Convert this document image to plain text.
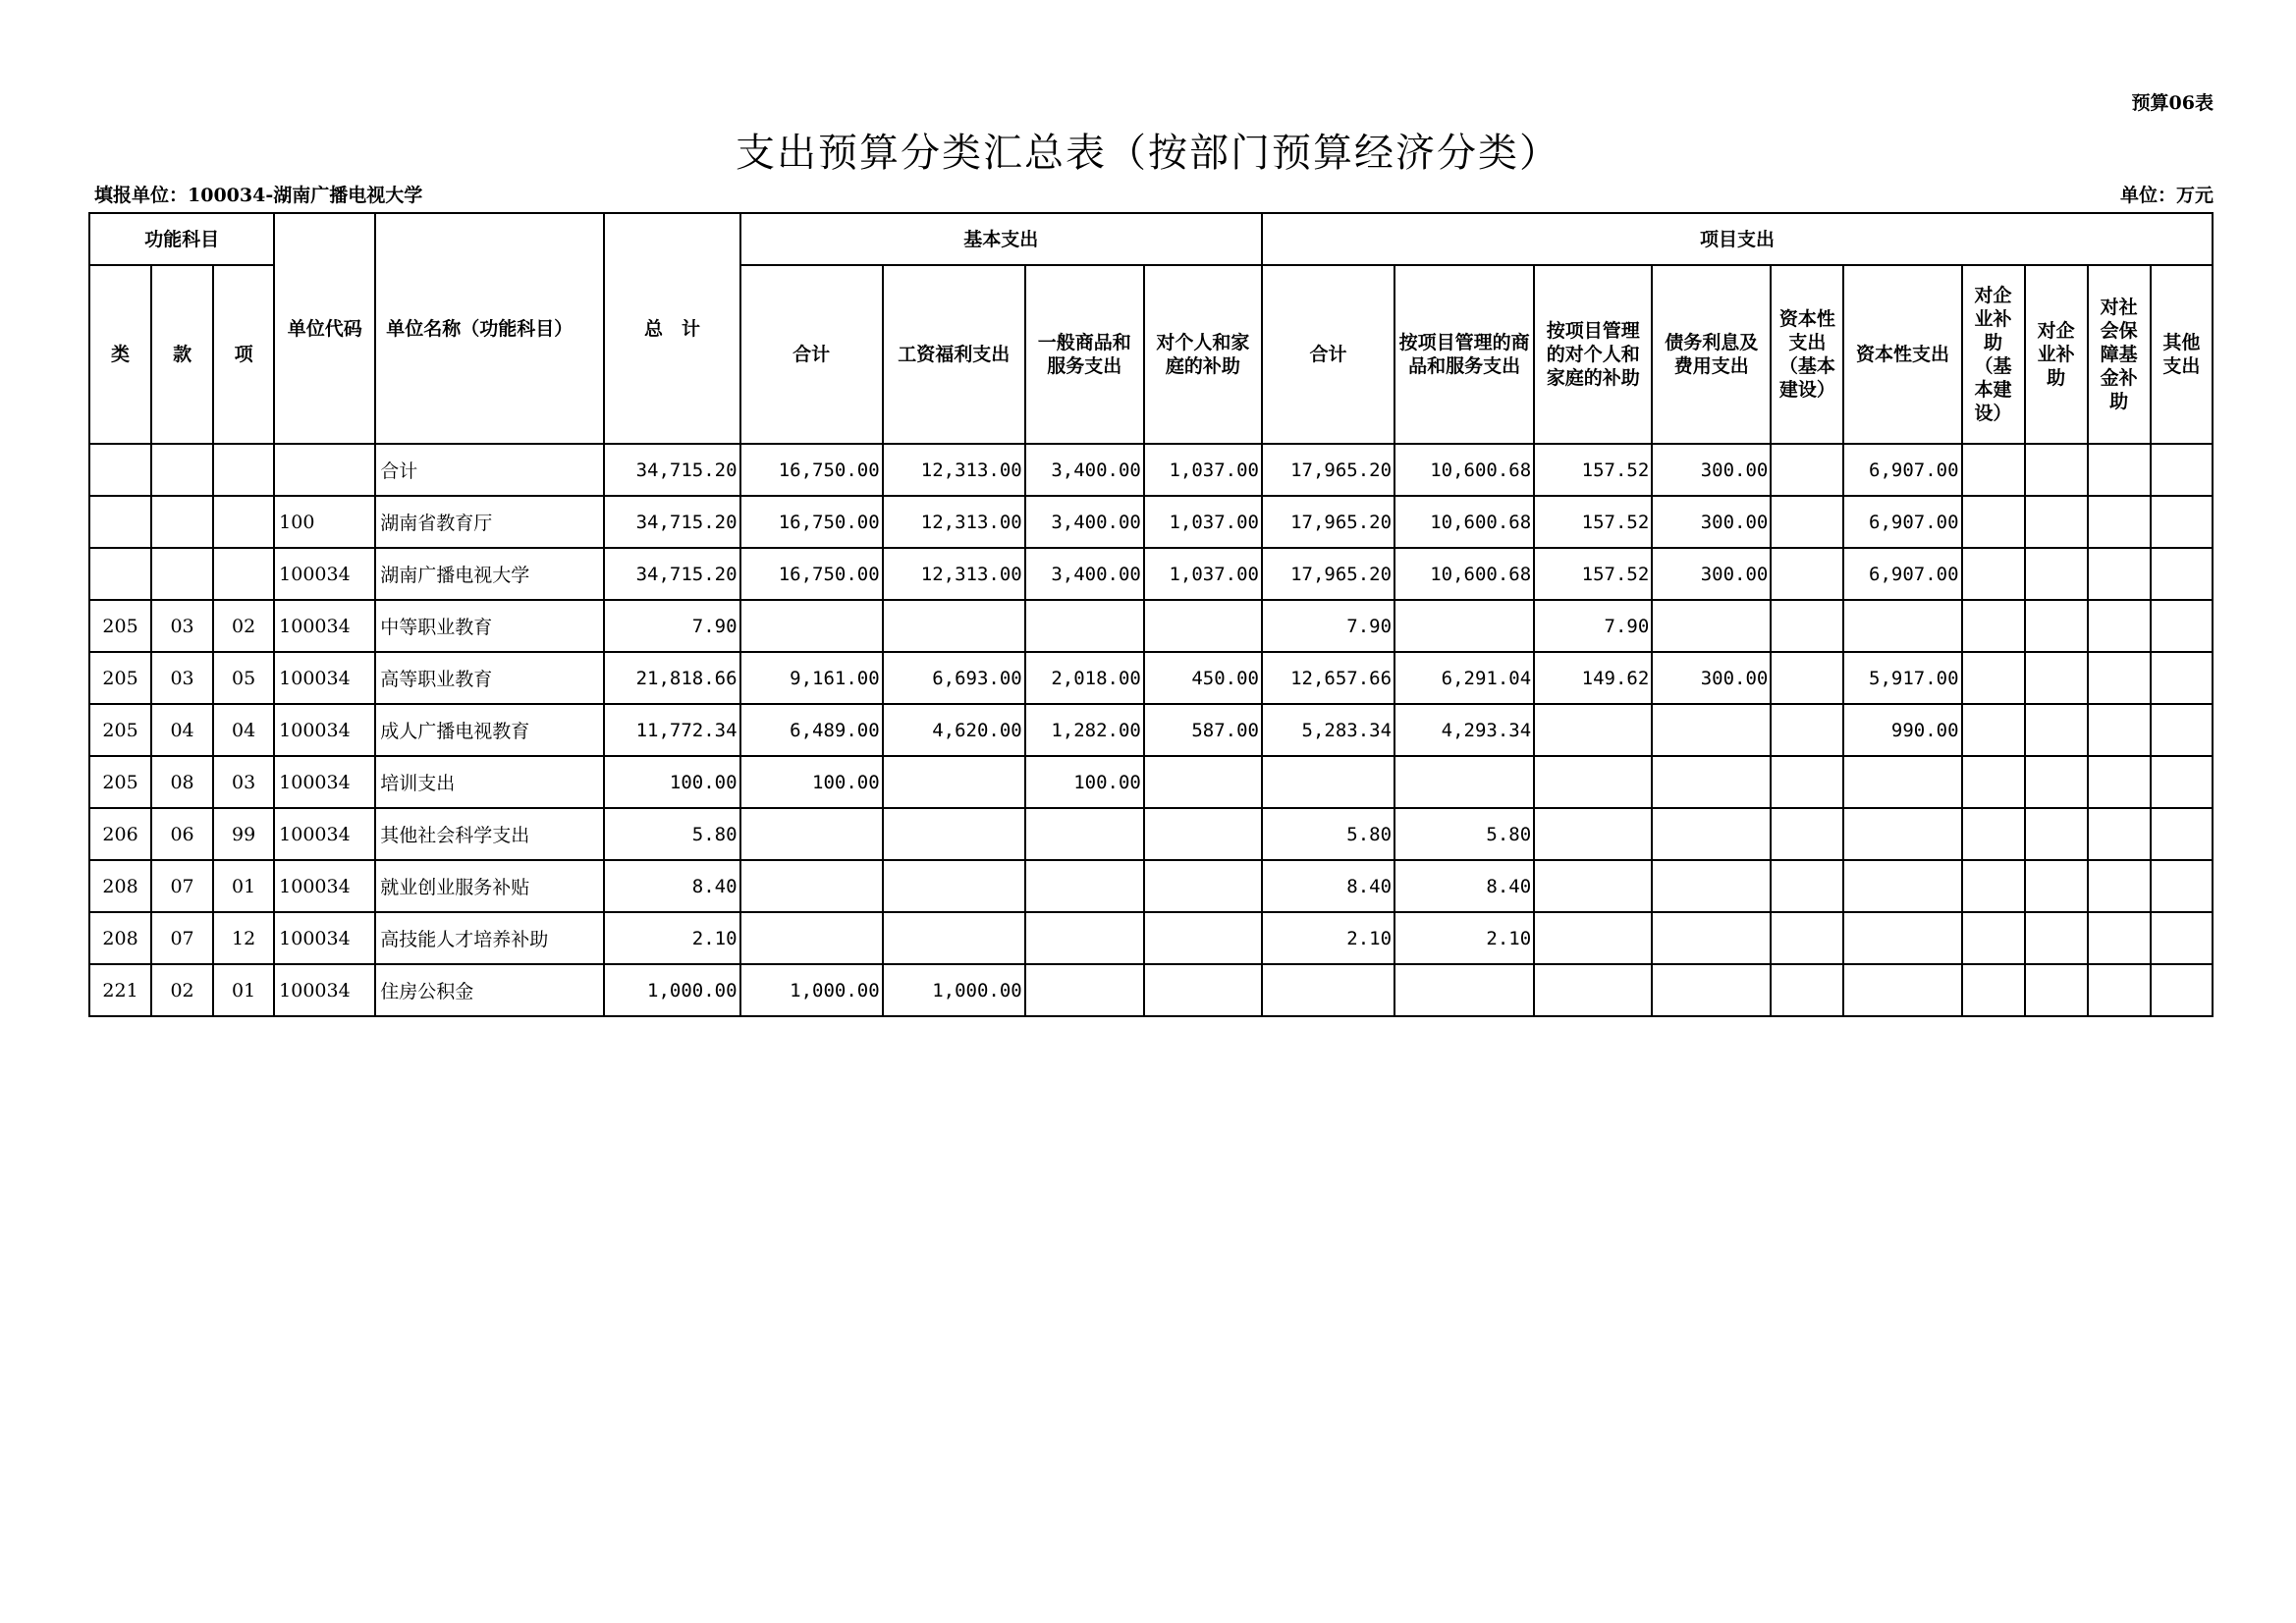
预算06表
支出预算分类汇总表（按部门预算经济分类）
填报单位：100034-湖南广播电视大学	单位：万元
功能科目			单位代码	单位名称（功能科目）	总　计	基本支出				项目支出									
类	款	项				合计	工资福利支出	一般商品和服务支出	对个人和家庭的补助	合计	按项目管理的商品和服务支出	按项目管理的对个人和家庭的补助	债务利息及费用支出	资本性支出（基本建设）	资本性支出	对企业补助（基本建设）	对企业补助	对社会保障基金补助	其他支出
				合计	34,715.20	16,750.00	12,313.00	3,400.00	1,037.00	17,965.20	10,600.68	157.52	300.00		6,907.00				
			100	湖南省教育厅	34,715.20	16,750.00	12,313.00	3,400.00	1,037.00	17,965.20	10,600.68	157.52	300.00		6,907.00				
			100034	湖南广播电视大学	34,715.20	16,750.00	12,313.00	3,400.00	1,037.00	17,965.20	10,600.68	157.52	300.00		6,907.00				
205	03	02	100034	中等职业教育	7.90					7.90		7.90							
205	03	05	100034	高等职业教育	21,818.66	9,161.00	6,693.00	2,018.00	450.00	12,657.66	6,291.04	149.62	300.00		5,917.00				
205	04	04	100034	成人广播电视教育	11,772.34	6,489.00	4,620.00	1,282.00	587.00	5,283.34	4,293.34				990.00				
205	08	03	100034	培训支出	100.00	100.00		100.00											
206	06	99	100034	其他社会科学支出	5.80					5.80	5.80								
208	07	01	100034	就业创业服务补贴	8.40					8.40	8.40								
208	07	12	100034	高技能人才培养补助	2.10					2.10	2.10								
221	02	01	100034	住房公积金	1,000.00	1,000.00	1,000.00												
